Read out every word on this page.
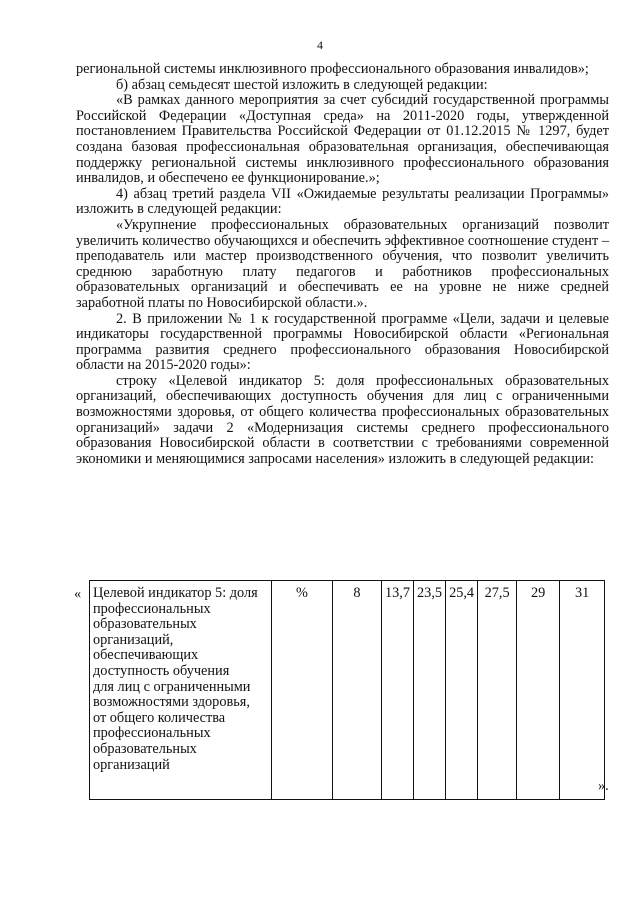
4

региональной системы инклюзивного профессионального образования инвалидов»;

б) абзац семьдесят шестой изложить в следующей редакции:

«В рамках данного мероприятия за счет субсидий государственной программы Российской Федерации «Доступная среда» на 2011-2020 годы, утвержденной постановлением Правительства Российской Федерации от 01.12.2015 № 1297, будет создана базовая профессиональная образовательная организация, обеспечивающая поддержку региональной системы инклюзивного профессионального образования инвалидов, и обеспечено ее функционирование.»;

4) абзац третий раздела VII «Ожидаемые результаты реализации Программы» изложить в следующей редакции:

«Укрупнение профессиональных образовательных организаций позволит увеличить количество обучающихся и обеспечить эффективное соотношение студент – преподаватель или мастер производственного обучения, что позволит увеличить среднюю заработную плату педагогов и работников профессиональных образовательных организаций и обеспечивать ее на уровне не ниже средней заработной платы по Новосибирской области.».

2. В приложении № 1 к государственной программе «Цели, задачи и целевые индикаторы государственной программы Новосибирской области «Региональная программа развития среднего профессионального образования Новосибирской области на 2015-2020 годы»:

строку «Целевой индикатор 5: доля профессиональных образовательных организаций, обеспечивающих доступность обучения для лиц с ограниченными возможностями здоровья, от общего количества профессиональных образовательных организаций» задачи 2 «Модернизация системы среднего профессионального образования Новосибирской области в соответствии с требованиями современной экономики и меняющимися запросами населения» изложить в следующей редакции:

« Целевой индикатор 5: доля
профессиональных
образовательных
организаций,
обеспечивающих
доступность обучения
для лиц с ограниченными
возможностями здоровья,
от общего количества
профессиональных
образовательных
организаций
	%	8	13,7	23,5	25,4	27,5	29	31
».
